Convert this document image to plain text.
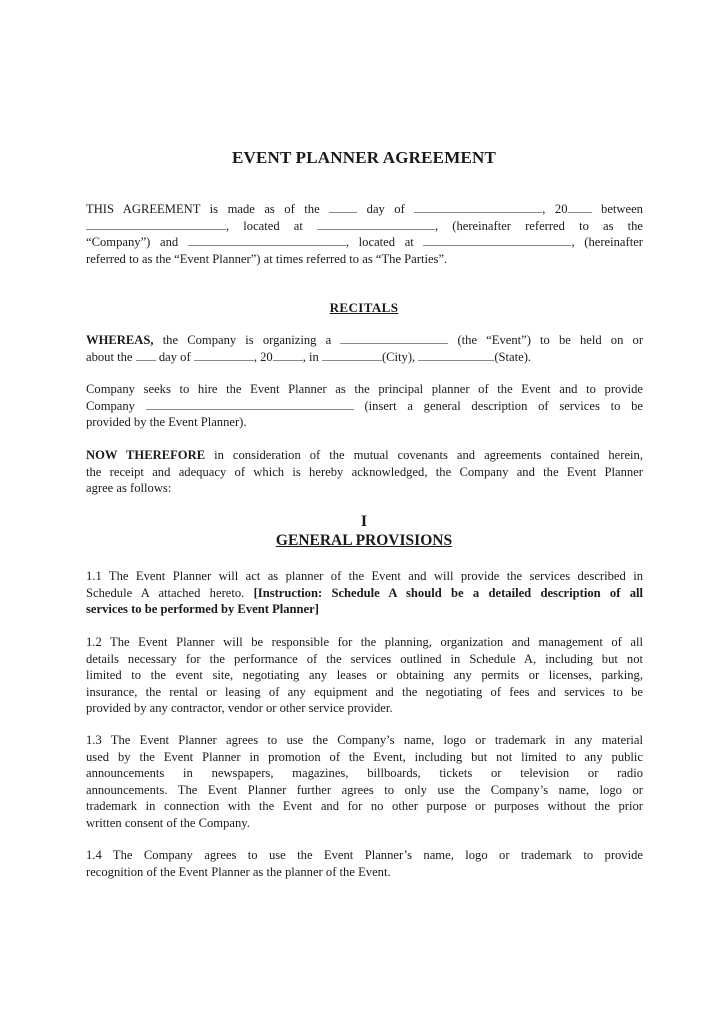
EVENT PLANNER AGREEMENT
THIS AGREEMENT is made as of the	day of	, 20	between
, located at	, (hereinafter referred to as the
“Company”) and	, located at	, (hereinafter
referred to as the “Event Planner”) at times referred to as “The Parties”.
RECITALS
WHEREAS, the Company is organizing a	(the “Event”) to be held on or
about the day of	, 20 , in	(City),	(State).
Company seeks to hire the Event Planner as the principal planner of the Event and to provide
Company	(insert a general description of services to be
provided by the Event Planner).
NOW THEREFORE in consideration of the mutual covenants and agreements contained herein,
the receipt and adequacy of which is hereby acknowledged, the Company and the Event Planner
agree as follows:
I
GENERAL PROVISIONS
1.1 The Event Planner will act as planner of the Event and will provide the services described in
Schedule A attached hereto. [Instruction: Schedule A should be a detailed description of all
services to be performed by Event Planner]
1.2 The Event Planner will be responsible for the planning, organization and management of all
details necessary for the performance of the services outlined in Schedule A, including but not
limited to the event site, negotiating any leases or obtaining any permits or licenses, parking,
insurance, the rental or leasing of any equipment and the negotiating of fees and services to be
provided by any contractor, vendor or other service provider.
1.3 The Event Planner agrees to use the Company’s name, logo or trademark in any material
used by the Event Planner in promotion of the Event, including but not limited to any public
announcements in newspapers, magazines, billboards, tickets or television or radio
announcements. The Event Planner further agrees to only use the Company’s name, logo or
trademark in connection with the Event and for no other purpose or purposes without the prior
written consent of the Company.
1.4 The Company agrees to use the Event Planner’s name, logo or trademark to provide
recognition of the Event Planner as the planner of the Event.
